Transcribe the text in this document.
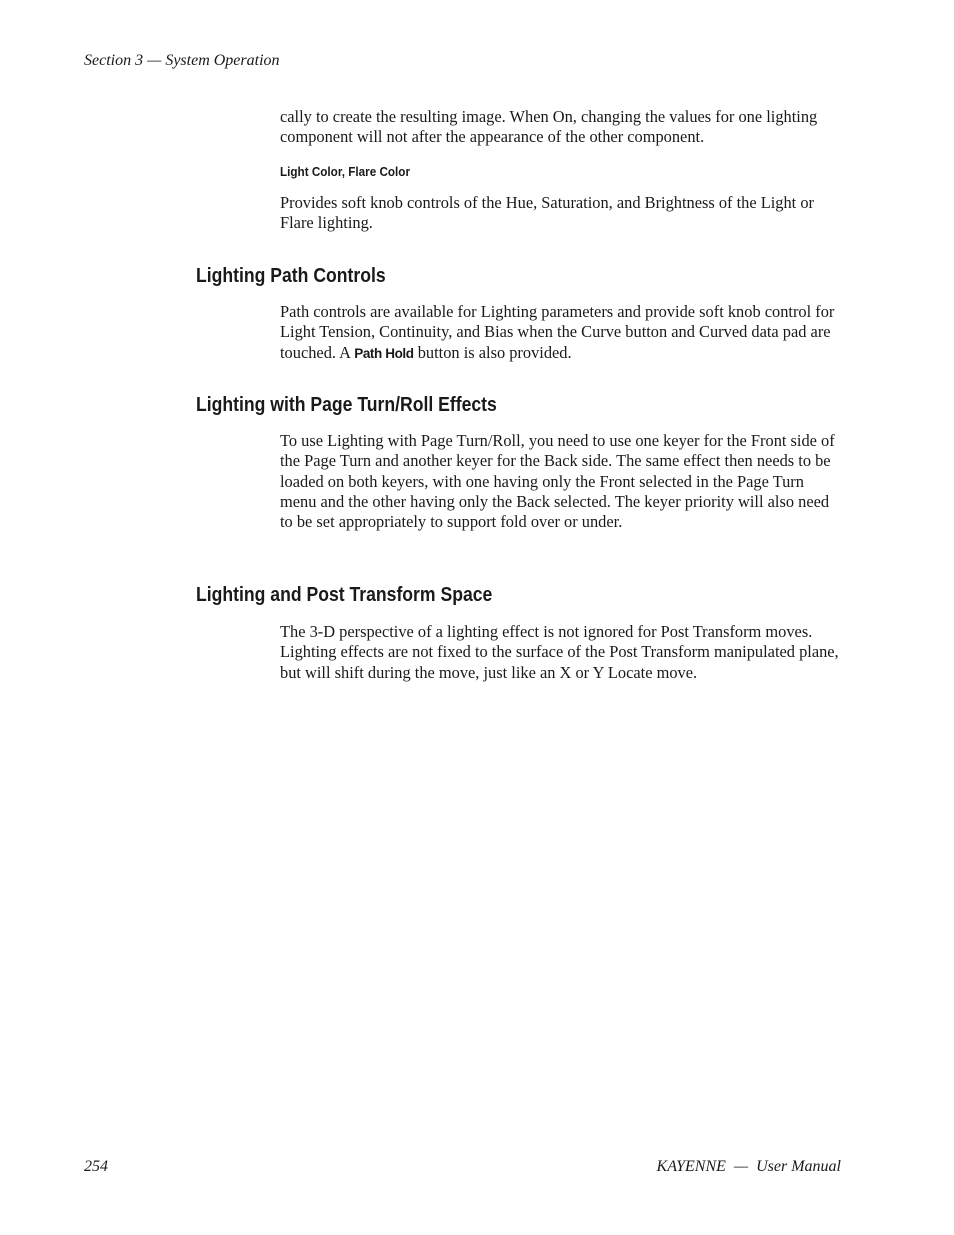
Section 3 — System Operation

cally to create the resulting image. When On, changing the values for one lighting component will not after the appearance of the other component.

Light Color, Flare Color

Provides soft knob controls of the Hue, Saturation, and Brightness of the Light or Flare lighting.

Lighting Path Controls

Path controls are available for Lighting parameters and provide soft knob control for Light Tension, Continuity, and Bias when the Curve button and Curved data pad are touched. A Path Hold button is also provided.

Lighting with Page Turn/Roll Effects

To use Lighting with Page Turn/Roll, you need to use one keyer for the Front side of the Page Turn and another keyer for the Back side. The same effect then needs to be loaded on both keyers, with one having only the Front selected in the Page Turn menu and the other having only the Back selected. The keyer priority will also need to be set appropriately to support fold over or under.

Lighting and Post Transform Space

The 3-D perspective of a lighting effect is not ignored for Post Transform moves. Lighting effects are not fixed to the surface of the Post Transform manipulated plane, but will shift during the move, just like an X or Y Locate move.

254	KAYENNE  —  User Manual
